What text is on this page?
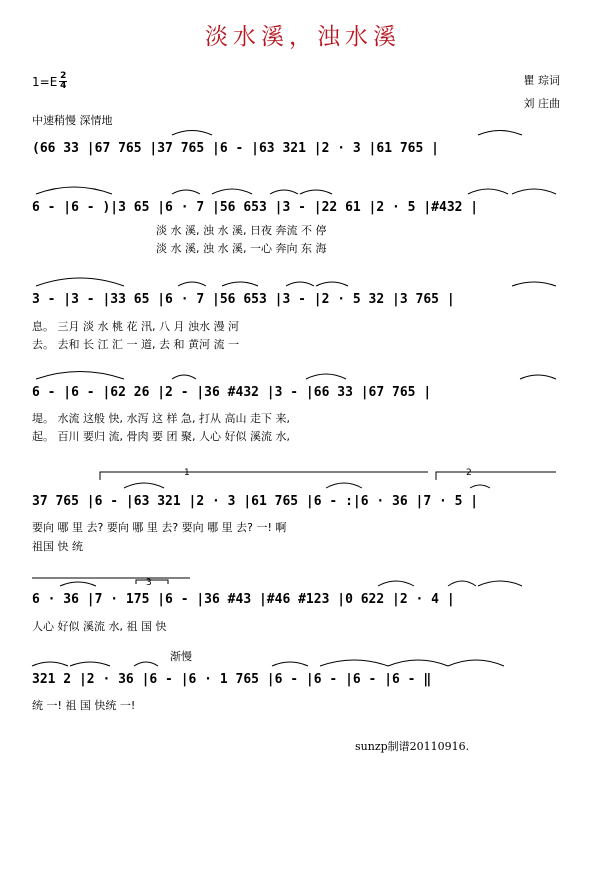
淡水溪，浊水溪
$1=E \frac{2}{4}$	瞿 琮词
刘 庄曲
中速稍慢 深情地
(66 33 |67 765 |37 765 |6 - |63 321 |2 · 3 |61 765 |
6 - |6 - )|3 65 |6 · 7 |56 653 |3 - |22 61 |2 · 5 |#432 |
淡 水 溪, 浊 水 溪, 日夜 奔流 不 停
淡 水 溪, 浊 水 溪, 一心 奔向 东 海
3 - |3 - |33 65 |6 · 7 |56 653 |3 - |2 · 5 32 |3 765 |
息。 三月 淡 水 桃 花 汛, 八 月 浊水 漫 河
去。 去和 长 江 汇 一 道, 去 和 黄河 流 一
6 - |6 - |62 26 |2 - |36 #432 |3 - |66 33 |67 765 |
堤。 水流 这般 快, 水泻 这 样 急, 打从 高山 走下 来,
起。 百川 要归 流, 骨肉 要 团 聚, 人心 好似 溪流 水,
37 765 |6 - |63 321 |2 · 3 |61 765 |6 - :|6 · 36 |7 · 5 |
要向 哪 里 去? 要向 哪 里 去? 要向 哪 里 去? 一! 啊
祖国 快 统
6 · 36 |7 · 175 |6 - |36 #43 |#46 #123 |0 622 |2 · 4 |
人心 好似 溪流 水, 祖 国 快
渐慢
321 2 |2 · 36 |6 - |6 · 1 765 |6 - |6 - |6 - |6 - ‖
统 一! 祖 国 快统 一!
1	2
3
sunzp制谱20110916.
